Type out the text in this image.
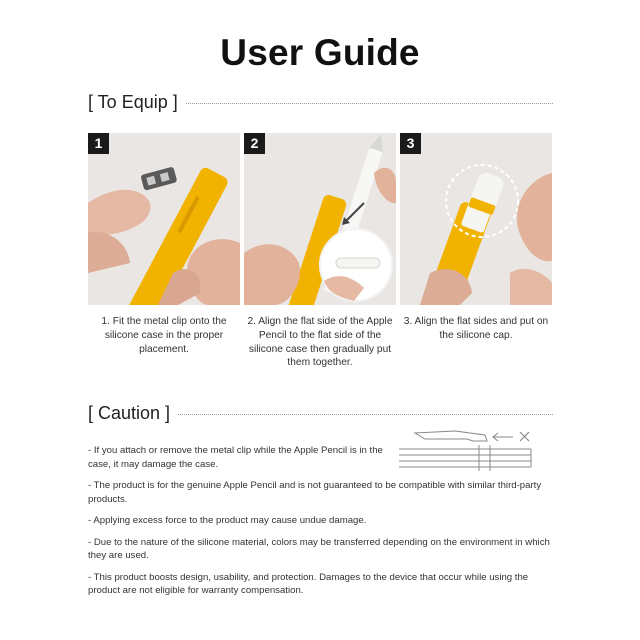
User Guide
[ To Equip ]
1	2	3
1. Fit the metal clip onto the silicone case in the proper placement.
2. Align the flat side of the Apple Pencil to the flat side of the silicone case then gradually put them together.
3. Align the flat sides and put on the silicone cap.
[ Caution ]
- If you attach or remove the metal clip while the Apple Pencil is in the case, it may damage the case.
- The product is for the genuine Apple Pencil and is not guaranteed to be compatible with similar third-party products.
- Applying excess force to the product may cause undue damage.
- Due to the nature of the silicone material, colors may be transferred depending on the environment in which they are used.
- This product boosts design, usability, and protection. Damages to the device that occur while using the product are not eligible for warranty compensation.
